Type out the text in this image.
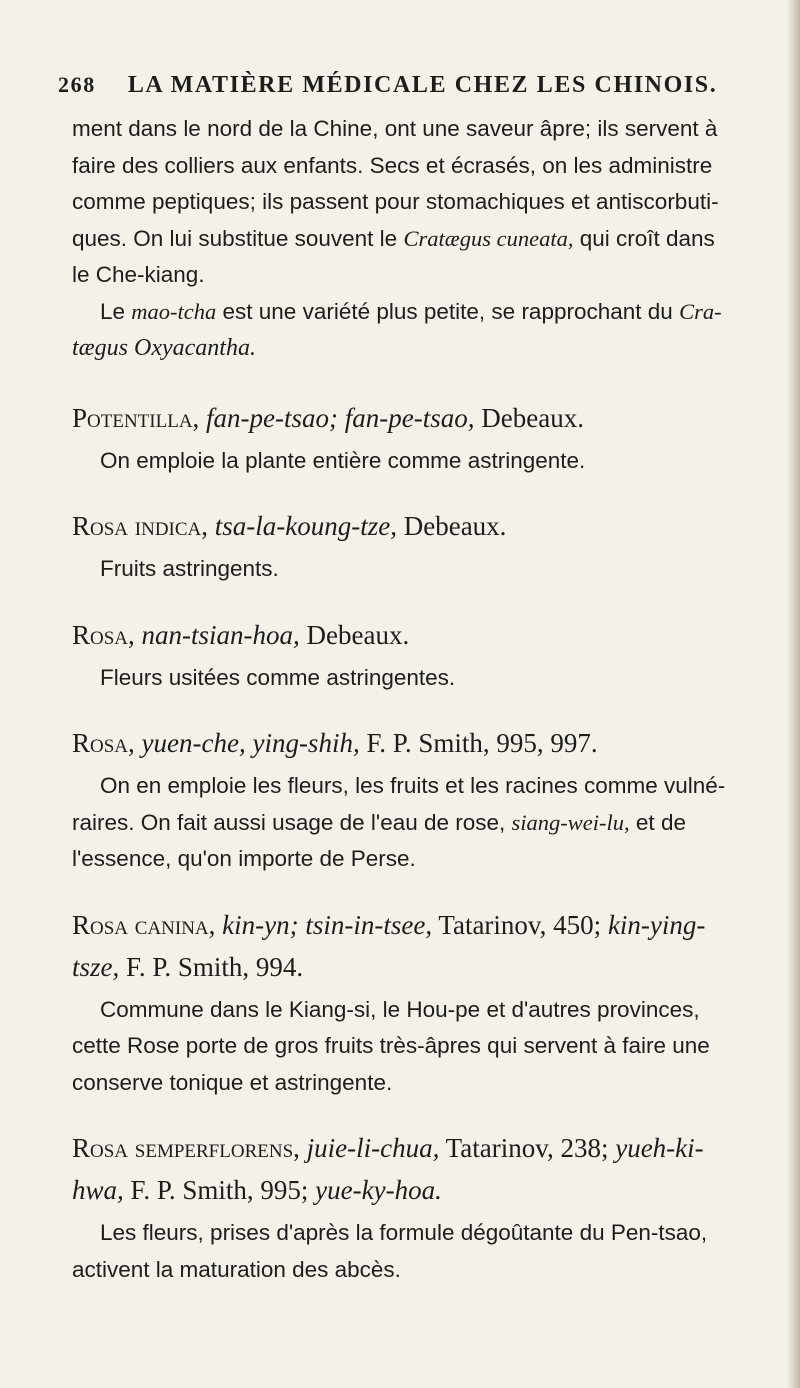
268 LA MATIÈRE MÉDICALE CHEZ LES CHINOIS.
ment dans le nord de la Chine, ont une saveur âpre; ils servent à
faire des colliers aux enfants. Secs et écrasés, on les administre
comme peptiques; ils passent pour stomachiques et antiscorbuti-
ques. On lui substitue souvent le Cratægus cuneata, qui croît dans
le Che-kiang.
Le mao-tcha est une variété plus petite, se rapprochant du Cra-
tægus Oxyacantha.
Potentilla, fan-pe-tsao; fan-pe-tsao, Debeaux.
On emploie la plante entière comme astringente.
Rosa indica, tsa-la-koung-tze, Debeaux.
Fruits astringents.
Rosa, nan-tsian-hoa, Debeaux.
Fleurs usitées comme astringentes.
Rosa, yuen-che, ying-shih, F. P. Smith, 995, 997.
On en emploie les fleurs, les fruits et les racines comme vulné-
raires. On fait aussi usage de l'eau de rose, siang-wei-lu, et de
l'essence, qu'on importe de Perse.
Rosa canina, kin-yn; tsin-in-tsee, Tatarinov, 450; kin-ying-
tsze, F. P. Smith, 994.
Commune dans le Kiang-si, le Hou-pe et d'autres provinces,
cette Rose porte de gros fruits très-âpres qui servent à faire une
conserve tonique et astringente.
Rosa semperflorens, juie-li-chua, Tatarinov, 238; yueh-ki-
hwa, F. P. Smith, 995; yue-ky-hoa.
Les fleurs, prises d'après la formule dégoûtante du Pen-tsao,
activent la maturation des abcès.
